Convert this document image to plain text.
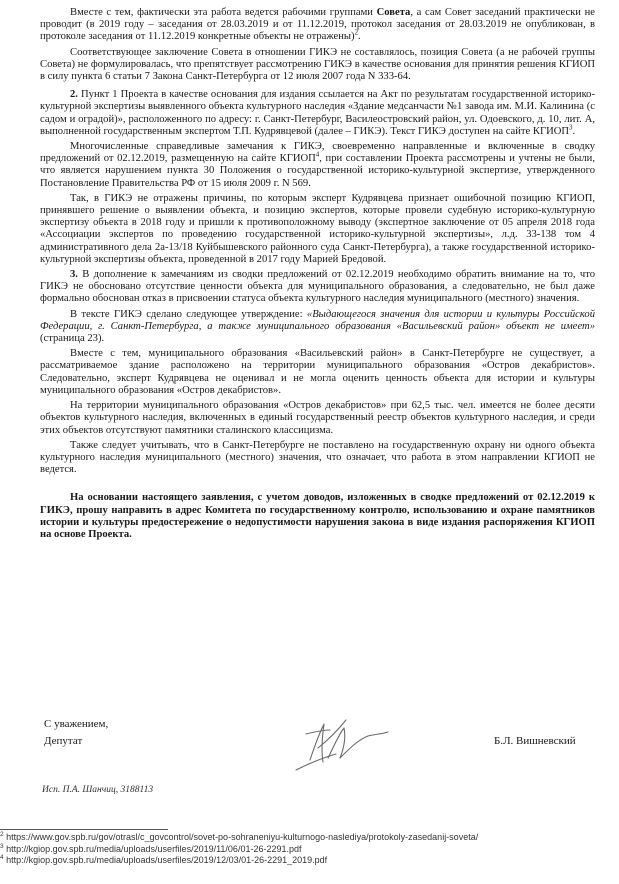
Вместе с тем, фактически эта работа ведется рабочими группами Совета, а сам Совет заседаний практически не проводит (в 2019 году – заседания от 28.03.2019 и от 11.12.2019, протокол заседания от 28.03.2019 не опубликован, в протоколе заседания от 11.12.2019 конкретные объекты не отражены)$^2$.

Соответствующее заключение Совета в отношении ГИКЭ не составлялось, позиция Совета (а не рабочей группы Совета) не формулировалась, что препятствует рассмотрению ГИКЭ в качестве основания для принятия решения КГИОП в силу пункта 6 статьи 7 Закона Санкт-Петербурга от 12 июля 2007 года N 333-64.

2. Пункт 1 Проекта в качестве основания для издания ссылается на Акт по результатам государственной историко-культурной экспертизы выявленного объекта культурного наследия «Здание медсанчасти №1 завода им. М.И. Калинина (с садом и оградой)», расположенного по адресу: г. Санкт-Петербург, Василеостровский район, ул. Одоевского, д. 10, лит. А, выполненной государственным экспертом Т.П. Кудрявцевой (далее – ГИКЭ). Текст ГИКЭ доступен на сайте КГИОП$^3$.

Многочисленные справедливые замечания к ГИКЭ, своевременно направленные и включенные в сводку предложений от 02.12.2019, размещенную на сайте КГИОП$^4$, при составлении Проекта рассмотрены и учтены не были, что является нарушением пункта 30 Положения о государственной историко-культурной экспертизе, утвержденного Постановление Правительства РФ от 15 июля 2009 г. N 569.

Так, в ГИКЭ не отражены причины, по которым эксперт Кудрявцева признает ошибочной позицию КГИОП, принявшего решение о выявлении объекта, и позицию экспертов, которые провели судебную историко-культурную экспертизу объекта в 2018 году и пришли к противоположному выводу (экспертное заключение от 05 апреля 2018 года «Ассоциации экспертов по проведению государственной историко-культурной экспертизы», л.д. 33-138 том 4 административного дела 2а-13/18 Куйбышевского районного суда Санкт-Петербурга), а также государственной историко-культурной экспертизы объекта, проведенной в 2017 году Марией Бредовой.

3. В дополнение к замечаниям из сводки предложений от 02.12.2019 необходимо обратить внимание на то, что ГИКЭ не обосновано отсутствие ценности объекта для муниципального образования, а следовательно, не был даже формально обоснован отказ в присвоении статуса объекта культурного наследия муниципального (местного) значения.

В тексте ГИКЭ сделано следующее утверждение: «Выдающегося значения для истории и культуры Российской Федерации, г. Санкт-Петербурга, а также муниципального образования «Васильевский район» объект не имеет» (страница 23).

Вместе с тем, муниципального образования «Васильевский район» в Санкт-Петербурге не существует, а рассматриваемое здание расположено на территории муниципального образования «Остров декабристов». Следовательно, эксперт Кудрявцева не оценивал и не могла оценить ценность объекта для истории и культуры муниципального образования «Остров декабристов».

На территории муниципального образования «Остров декабристов» при 62,5 тыс. чел. имеется не более десяти объектов культурного наследия, включенных в единый государственный реестр объектов культурного наследия, и среди этих объектов отсутствуют памятники сталинского классицизма.

Также следует учитывать, что в Санкт-Петербурге не поставлено на государственную охрану ни одного объекта культурного наследия муниципального (местного) значения, что означает, что работа в этом направлении КГИОП не ведется.

На основании настоящего заявления, с учетом доводов, изложенных в сводке предложений от 02.12.2019 к ГИКЭ, прошу направить в адрес Комитета по государственному контролю, использованию и охране памятников истории и культуры предостережение о недопустимости нарушения закона в виде издания распоряжения КГИОП на основе Проекта.

С уважением,
Депутат	Б.Л. Вишневский
Исп. П.А. Шанчиц, 3188113
$^2$ https://www.gov.spb.ru/gov/otrasl/c_govcontrol/sovet-po-sohraneniyu-kulturnogo-naslediya/protokoly-zasedanij-soveta/
$^3$ http://kgiop.gov.spb.ru/media/uploads/userfiles/2019/11/06/01-26-2291.pdf
$^4$ http://kgiop.gov.spb.ru/media/uploads/userfiles/2019/12/03/01-26-2291_2019.pdf
